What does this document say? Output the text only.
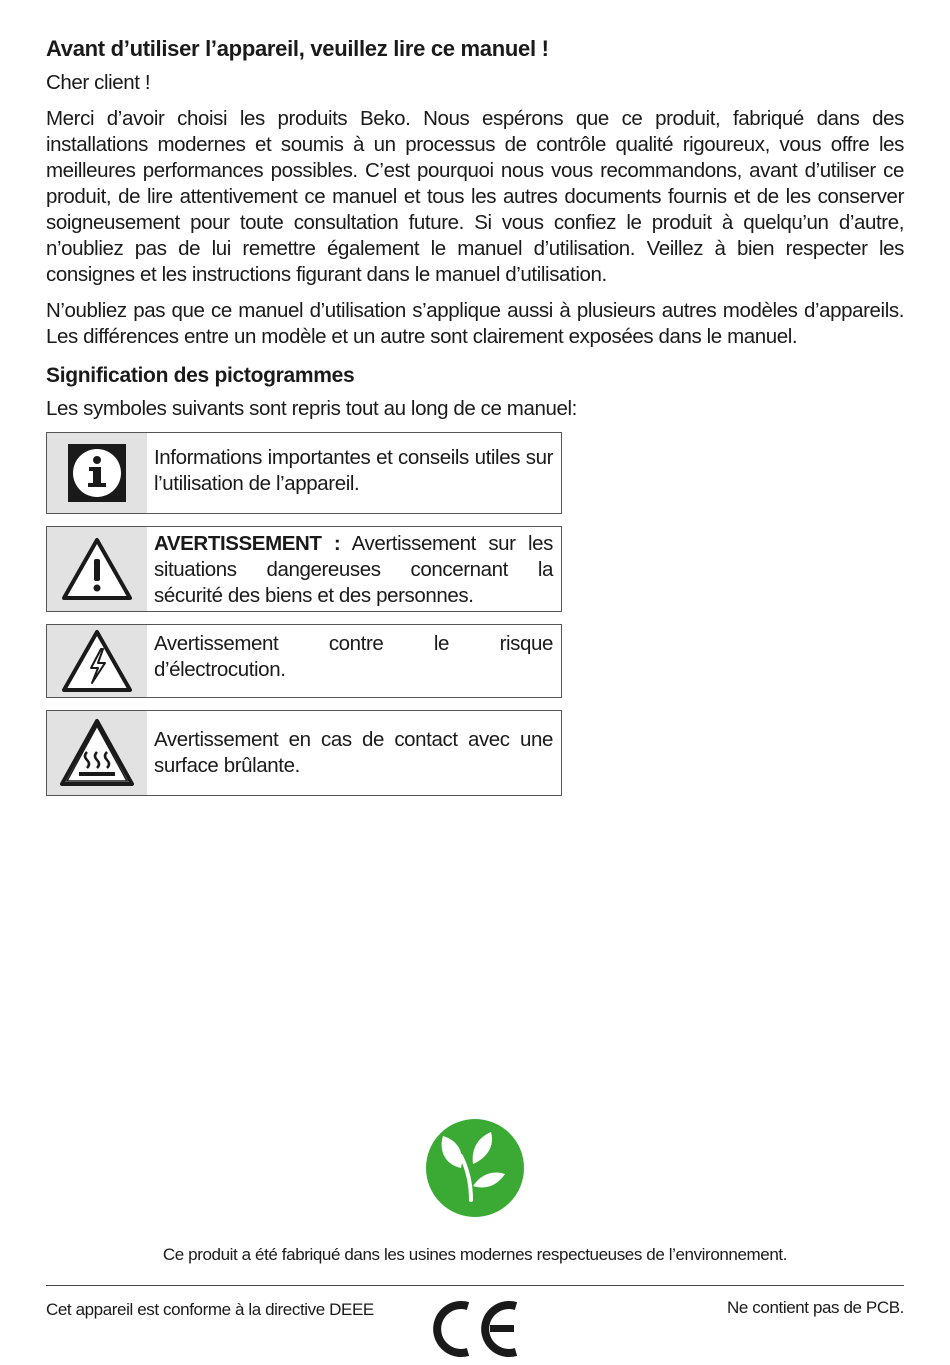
Avant d’utiliser l’appareil, veuillez lire ce manuel !

Cher client !

Merci d’avoir choisi les produits Beko. Nous espérons que ce produit, fabriqué dans des installations modernes et soumis à un processus de contrôle qualité rigoureux, vous offre les meilleures performances possibles. C’est pourquoi nous vous recommandons, avant d’utiliser ce produit, de lire attentivement ce manuel et tous les autres documents fournis et de les conserver soigneusement pour toute consultation future. Si vous confiez le produit à quelqu’un d’autre, n’oubliez pas de lui remettre également le manuel d’utilisation. Veillez à bien respecter les consignes et les instructions figurant dans le manuel d’utilisation.

N’oubliez pas que ce manuel d’utilisation s’applique aussi à plusieurs autres modèles d’appareils. Les différences entre un modèle et un autre sont clairement exposées dans le manuel.

Signification des pictogrammes

Les symboles suivants sont repris tout au long de ce manuel:

Informations importantes et conseils utiles sur l’utilisation de l’appareil.
AVERTISSEMENT : Avertissement sur les situations dangereuses concernant la sécurité des biens et des personnes.
Avertissement contre le risque d’électrocution.
Avertissement en cas de contact avec une surface brûlante.
Ce produit a été fabriqué dans les usines modernes respectueuses de l’environnement.
Cet appareil est conforme à la directive DEEE	Ne contient pas de PCB.
